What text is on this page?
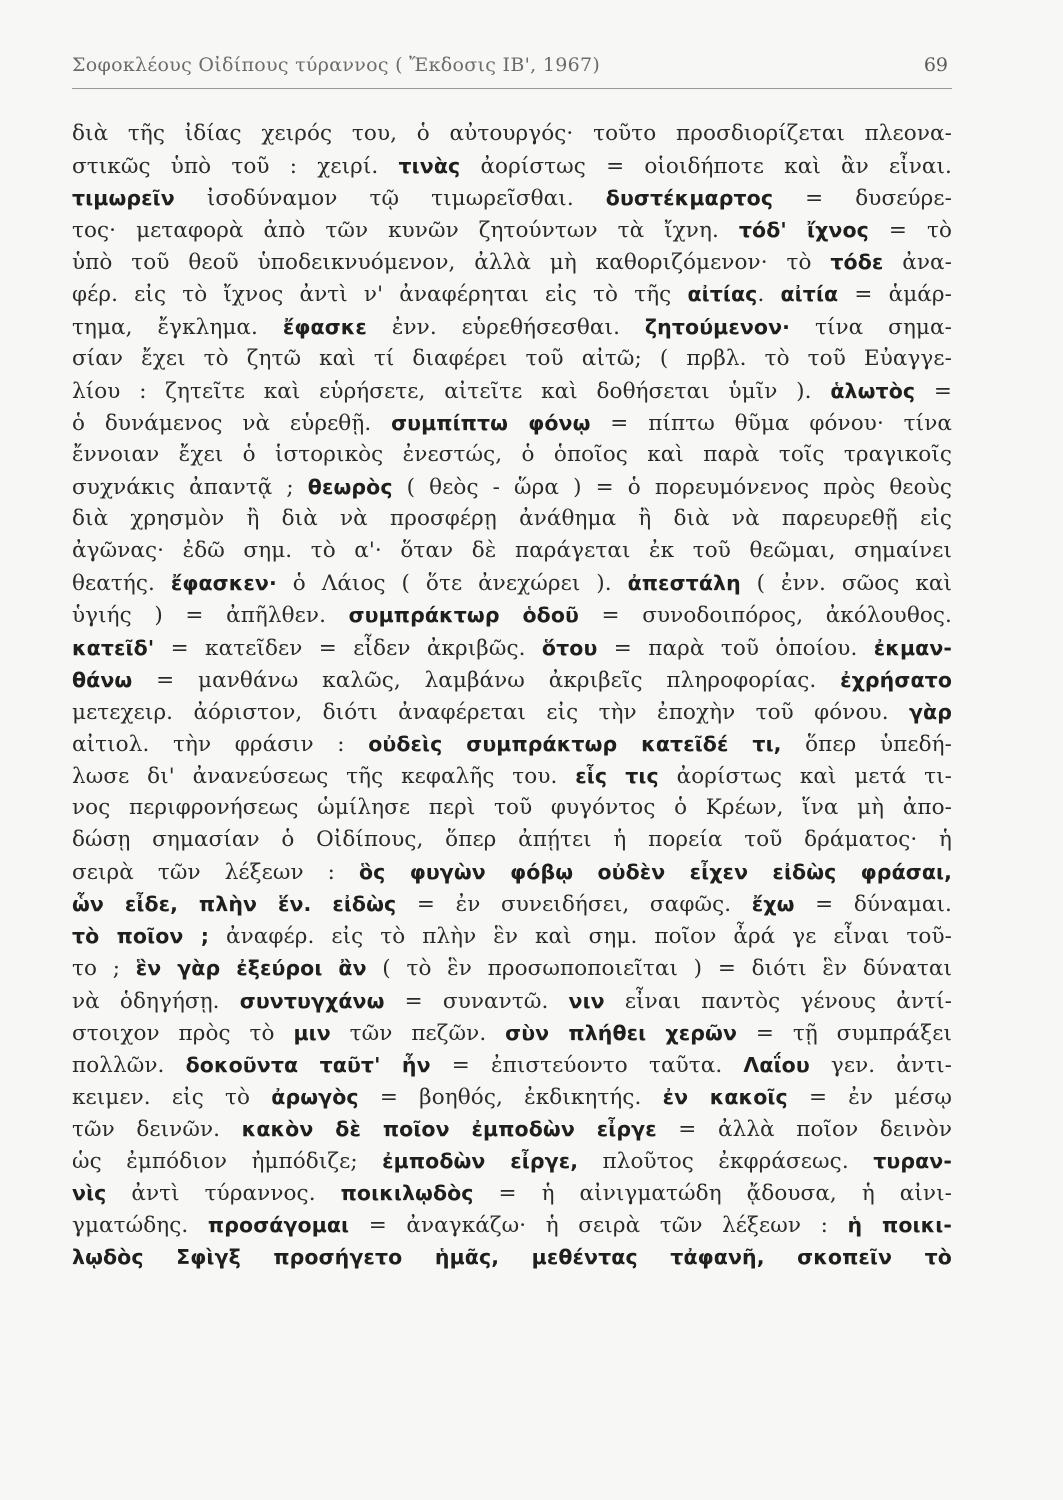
Σοφοκλέους Οἰδίπους τύραννος ( Ἔκδοσις ΙΒ', 1967)	69
διὰ τῆς ἰδίας χειρός του, ὁ αὐτουργός· τοῦτο προσδιορίζεται πλεονα-
στικῶς ὑπὸ τοῦ : χειρί. τινὰς ἀορίστως = οἱοιδήποτε καὶ ἂν εἶναι.
τιμωρεῖν ἰσοδύναμον τῷ τιμωρεῖσθαι. δυστέκμαρτος = δυσεύρε-
τος· μεταφορὰ ἀπὸ τῶν κυνῶν ζητούντων τὰ ἴχνη. τόδ' ἴχνος = τὸ
ὑπὸ τοῦ θεοῦ ὑποδεικνυόμενον, ἀλλὰ μὴ καθοριζόμενον· τὸ τόδε ἀνα-
φέρ. εἰς τὸ ἴχνος ἀντὶ ν' ἀναφέρηται εἰς τὸ τῆς αἰτίας. αἰτία = ἁμάρ-
τημα, ἔγκλημα. ἔφασκε ἐνν. εὑρεθήσεσθαι. ζητούμενον· τίνα σημα-
σίαν ἔχει τὸ ζητῶ καὶ τί διαφέρει τοῦ αἰτῶ; ( πρβλ. τὸ τοῦ Εὐαγγε-
λίου : ζητεῖτε καὶ εὑρήσετε, αἰτεῖτε καὶ δοθήσεται ὑμῖν ). ἁλωτὸς =
ὁ δυνάμενος νὰ εὑρεθῇ. συμπίπτω φόνῳ = πίπτω θῦμα φόνου· τίνα
ἔννοιαν ἔχει ὁ ἱστορικὸς ἐνεστώς, ὁ ὁποῖος καὶ παρὰ τοῖς τραγικοῖς
συχνάκις ἀπαντᾷ ; θεωρὸς ( θεὸς - ὥρα ) = ὁ πορευμόνενος πρὸς θεοὺς
διὰ χρησμὸν ἢ διὰ νὰ προσφέρῃ ἀνάθημα ἢ διὰ νὰ παρευρεθῇ εἰς
ἀγῶνας· ἐδῶ σημ. τὸ α'· ὅταν δὲ παράγεται ἐκ τοῦ θεῶμαι, σημαίνει
θεατής. ἔφασκεν· ὁ Λάιος ( ὅτε ἀνεχώρει ). ἀπεστάλη ( ἐνν. σῶος καὶ
ὑγιής ) = ἀπῆλθεν. συμπράκτωρ ὁδοῦ = συνοδοιπόρος, ἀκόλουθος.
κατεῖδ' = κατεῖδεν = εἶδεν ἀκριβῶς. ὅτου = παρὰ τοῦ ὁποίου. ἐκμαν-
θάνω = μανθάνω καλῶς, λαμβάνω ἀκριβεῖς πληροφορίας. ἐχρήσατο
μετεχειρ. ἀόριστον, διότι ἀναφέρεται εἰς τὴν ἐποχὴν τοῦ φόνου. γὰρ
αἰτιολ. τὴν φράσιν : οὐδεὶς συμπράκτωρ κατεῖδέ τι, ὅπερ ὑπεδή-
λωσε δι' ἀνανεύσεως τῆς κεφαλῆς του. εἷς τις ἀορίστως καὶ μετά τι-
νος περιφρονήσεως ὡμίλησε περὶ τοῦ φυγόντος ὁ Κρέων, ἵνα μὴ ἀπο-
δώσῃ σημασίαν ὁ Οἰδίπους, ὅπερ ἀπῄτει ἡ πορεία τοῦ δράματος· ἡ
σειρὰ τῶν λέξεων : ὃς φυγὼν φόβῳ οὐδὲν εἶχεν εἰδὼς φράσαι,
ὧν εἶδε, πλὴν ἕν. εἰδὼς = ἐν συνειδήσει, σαφῶς. ἔχω = δύναμαι.
τὸ ποῖον ; ἀναφέρ. εἰς τὸ πλὴν ἓν καὶ σημ. ποῖον ἆρά γε εἶναι τοῦ-
το ; ἓν γὰρ ἐξεύροι ἂν ( τὸ ἓν προσωποποιεῖται ) = διότι ἓν δύναται
νὰ ὁδηγήσῃ. συντυγχάνω = συναντῶ. νιν εἶναι παντὸς γένους ἀντί-
στοιχον πρὸς τὸ μιν τῶν πεζῶν. σὺν πλήθει χερῶν = τῇ συμπράξει
πολλῶν. δοκοῦντα ταῦτ' ἦν = ἐπιστεύοντο ταῦτα. Λαΐου γεν. ἀντι-
κειμεν. εἰς τὸ ἀρωγὸς = βοηθός, ἐκδικητής. ἐν κακοῖς = ἐν μέσῳ
τῶν δεινῶν. κακὸν δὲ ποῖον ἐμποδὼν εἶργε = ἀλλὰ ποῖον δεινὸν
ὡς ἐμπόδιον ἠμπόδιζε; ἐμποδὼν εἶργε, πλοῦτος ἐκφράσεως. τυραν-
νὶς ἀντὶ τύραννος. ποικιλῳδὸς = ἡ αἰνιγματώδη ᾄδουσα, ἡ αἰνι-
γματώδης. προσάγομαι = ἀναγκάζω· ἡ σειρὰ τῶν λέξεων : ἡ ποικι-
λῳδὸς Σφὶγξ προσήγετο ἡμᾶς, μεθέντας τἀφανῆ, σκοπεῖν τὸ
